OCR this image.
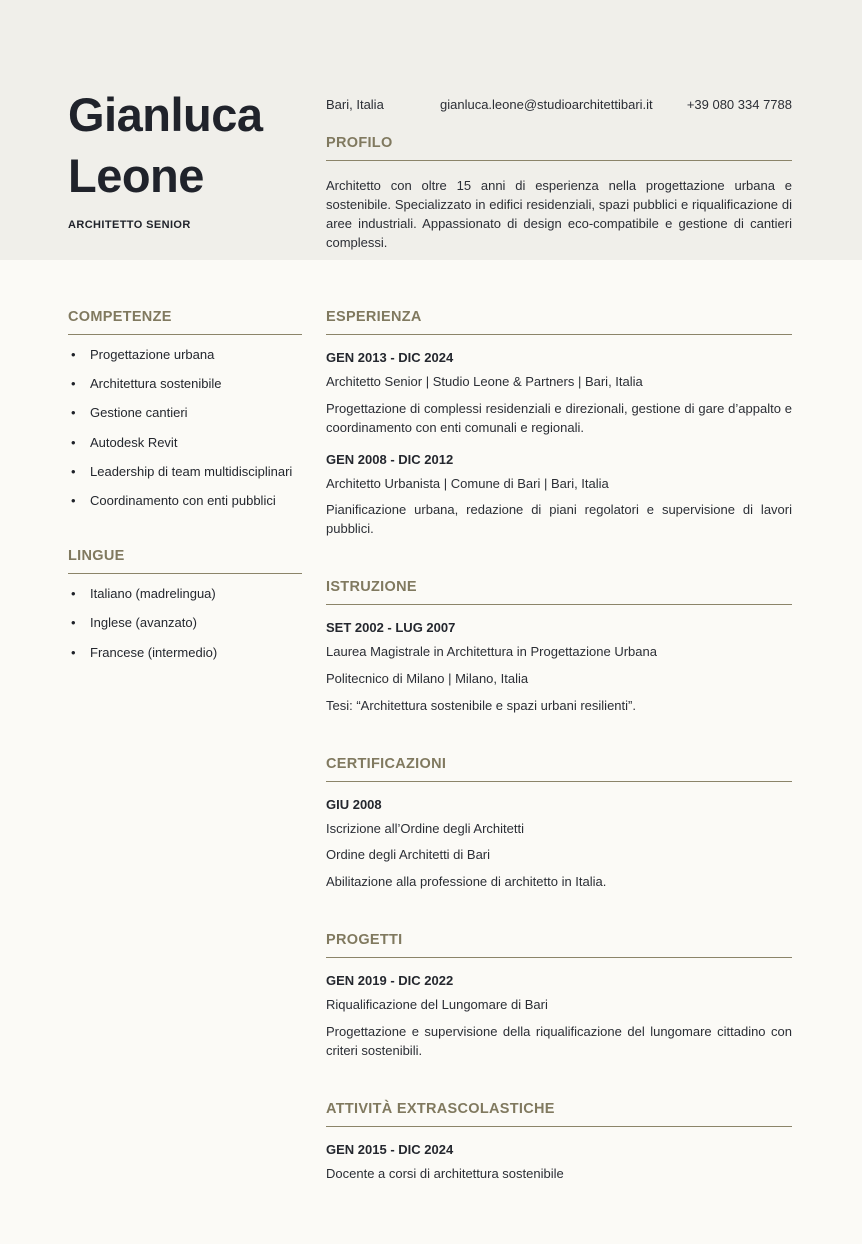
Gianluca
Leone
ARCHITETTO SENIOR
Bari, Italia	gianluca.leone@studioarchitettibari.it	+39 080 334 7788
PROFILO

Architetto con oltre 15 anni di esperienza nella progettazione urbana e sostenibile. Specializzato in edifici residenziali, spazi pubblici e riqualificazione di aree industriali. Appassionato di design eco-compatibile e gestione di cantieri complessi.

COMPETENZE
• Progettazione urbana
• Architettura sostenibile
• Gestione cantieri
• Autodesk Revit
• Leadership di team multidisciplinari
• Coordinamento con enti pubblici
LINGUE
• Italiano (madrelingua)
• Inglese (avanzato)
• Francese (intermedio)
ESPERIENZA

GEN 2013 - DIC 2024

Architetto Senior | Studio Leone & Partners | Bari, Italia

Progettazione di complessi residenziali e direzionali, gestione di gare d’appalto e coordinamento con enti comunali e regionali.

GEN 2008 - DIC 2012

Architetto Urbanista | Comune di Bari | Bari, Italia

Pianificazione urbana, redazione di piani regolatori e supervisione di lavori pubblici.

ISTRUZIONE

SET 2002 - LUG 2007

Laurea Magistrale in Architettura in Progettazione Urbana

Politecnico di Milano | Milano, Italia

Tesi: “Architettura sostenibile e spazi urbani resilienti”.

CERTIFICAZIONI

GIU 2008

Iscrizione all’Ordine degli Architetti

Ordine degli Architetti di Bari

Abilitazione alla professione di architetto in Italia.

PROGETTI

GEN 2019 - DIC 2022

Riqualificazione del Lungomare di Bari

Progettazione e supervisione della riqualificazione del lungomare cittadino con criteri sostenibili.

ATTIVITÀ EXTRASCOLASTICHE

GEN 2015 - DIC 2024

Docente a corsi di architettura sostenibile
